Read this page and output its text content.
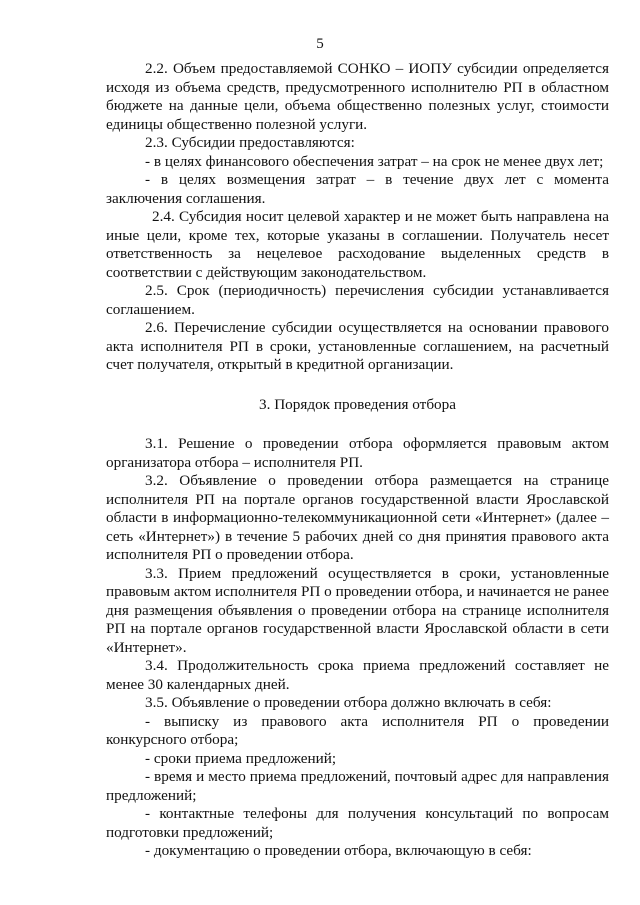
5

2.2. Объем предоставляемой СОНКО – ИОПУ субсидии определяется исходя из объема средств, предусмотренного исполнителю РП в областном бюджете на данные цели, объема общественно полезных услуг, стоимости единицы общественно полезной услуги.

2.3. Субсидии предоставляются:

- в целях финансового обеспечения затрат – на срок не менее двух лет;

- в целях возмещения затрат – в течение двух лет с момента заключения соглашения.

2.4. Субсидия носит целевой характер и не может быть направлена на иные цели, кроме тех, которые указаны в соглашении. Получатель несет ответственность за нецелевое расходование выделенных средств в соответствии с действующим законодательством.

2.5. Срок (периодичность) перечисления субсидии устанавливается соглашением.

2.6. Перечисление субсидии осуществляется на основании правового акта исполнителя РП в сроки, установленные соглашением, на расчетный счет получателя, открытый в кредитной организации.

3. Порядок проведения отбора

3.1. Решение о проведении отбора оформляется правовым актом организатора отбора – исполнителя РП.

3.2. Объявление о проведении отбора размещается на странице исполнителя РП на портале органов государственной власти Ярославской области в информационно-телекоммуникационной сети «Интернет» (далее – сеть «Интернет») в течение 5 рабочих дней со дня принятия правового акта исполнителя РП о проведении отбора.

3.3. Прием предложений осуществляется в сроки, установленные правовым актом исполнителя РП о проведении отбора, и начинается не ранее дня размещения объявления о проведении отбора на странице исполнителя РП на портале органов государственной власти Ярославской области в сети «Интернет».

3.4. Продолжительность срока приема предложений составляет не менее 30 календарных дней.

3.5. Объявление о проведении отбора должно включать в себя:

- выписку из правового акта исполнителя РП о проведении конкурсного отбора;

- сроки приема предложений;

- время и место приема предложений, почтовый адрес для направления предложений;

- контактные телефоны для получения консультаций по вопросам подготовки предложений;

- документацию о проведении отбора, включающую в себя:
